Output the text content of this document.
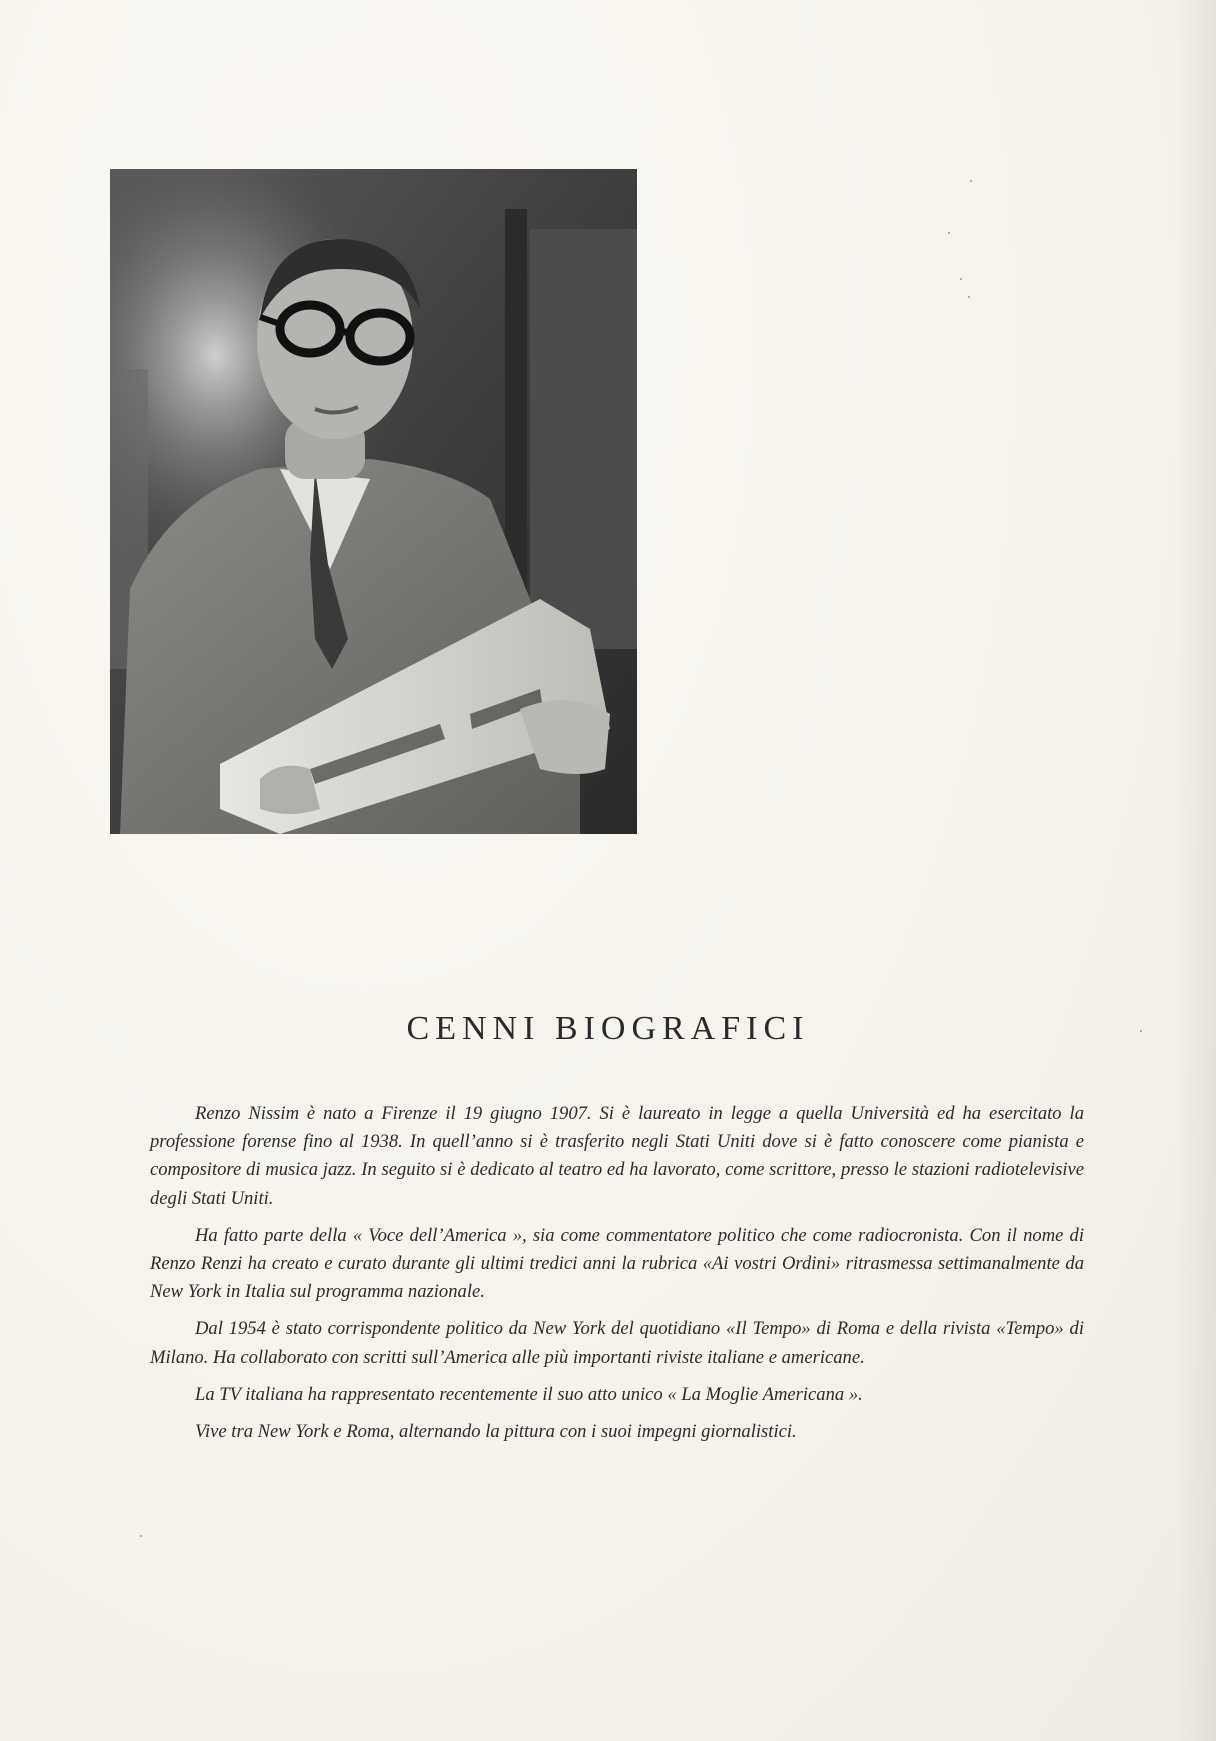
CENNI BIOGRAFICI

Renzo Nissim è nato a Firenze il 19 giugno 1907. Si è laureato in legge a quella Università ed ha esercitato la professione forense fino al 1938. In quell’anno si è trasferito negli Stati Uniti dove si è fatto conoscere come pianista e compositore di musica jazz. In seguito si è dedicato al teatro ed ha lavorato, come scrittore, presso le stazioni radiotelevisive degli Stati Uniti.

Ha fatto parte della « Voce dell’America », sia come commentatore politico che come radiocronista. Con il nome di Renzo Renzi ha creato e curato durante gli ultimi tredici anni la rubrica «Ai vostri Ordini» ritrasmessa settimanalmente da New York in Italia sul programma nazionale.

Dal 1954 è stato corrispondente politico da New York del quotidiano «Il Tempo» di Roma e della rivista «Tempo» di Milano. Ha collaborato con scritti sull’America alle più importanti riviste italiane e americane.

La TV italiana ha rappresentato recentemente il suo atto unico « La Moglie Americana ».

Vive tra New York e Roma, alternando la pittura con i suoi impegni giornalistici.
